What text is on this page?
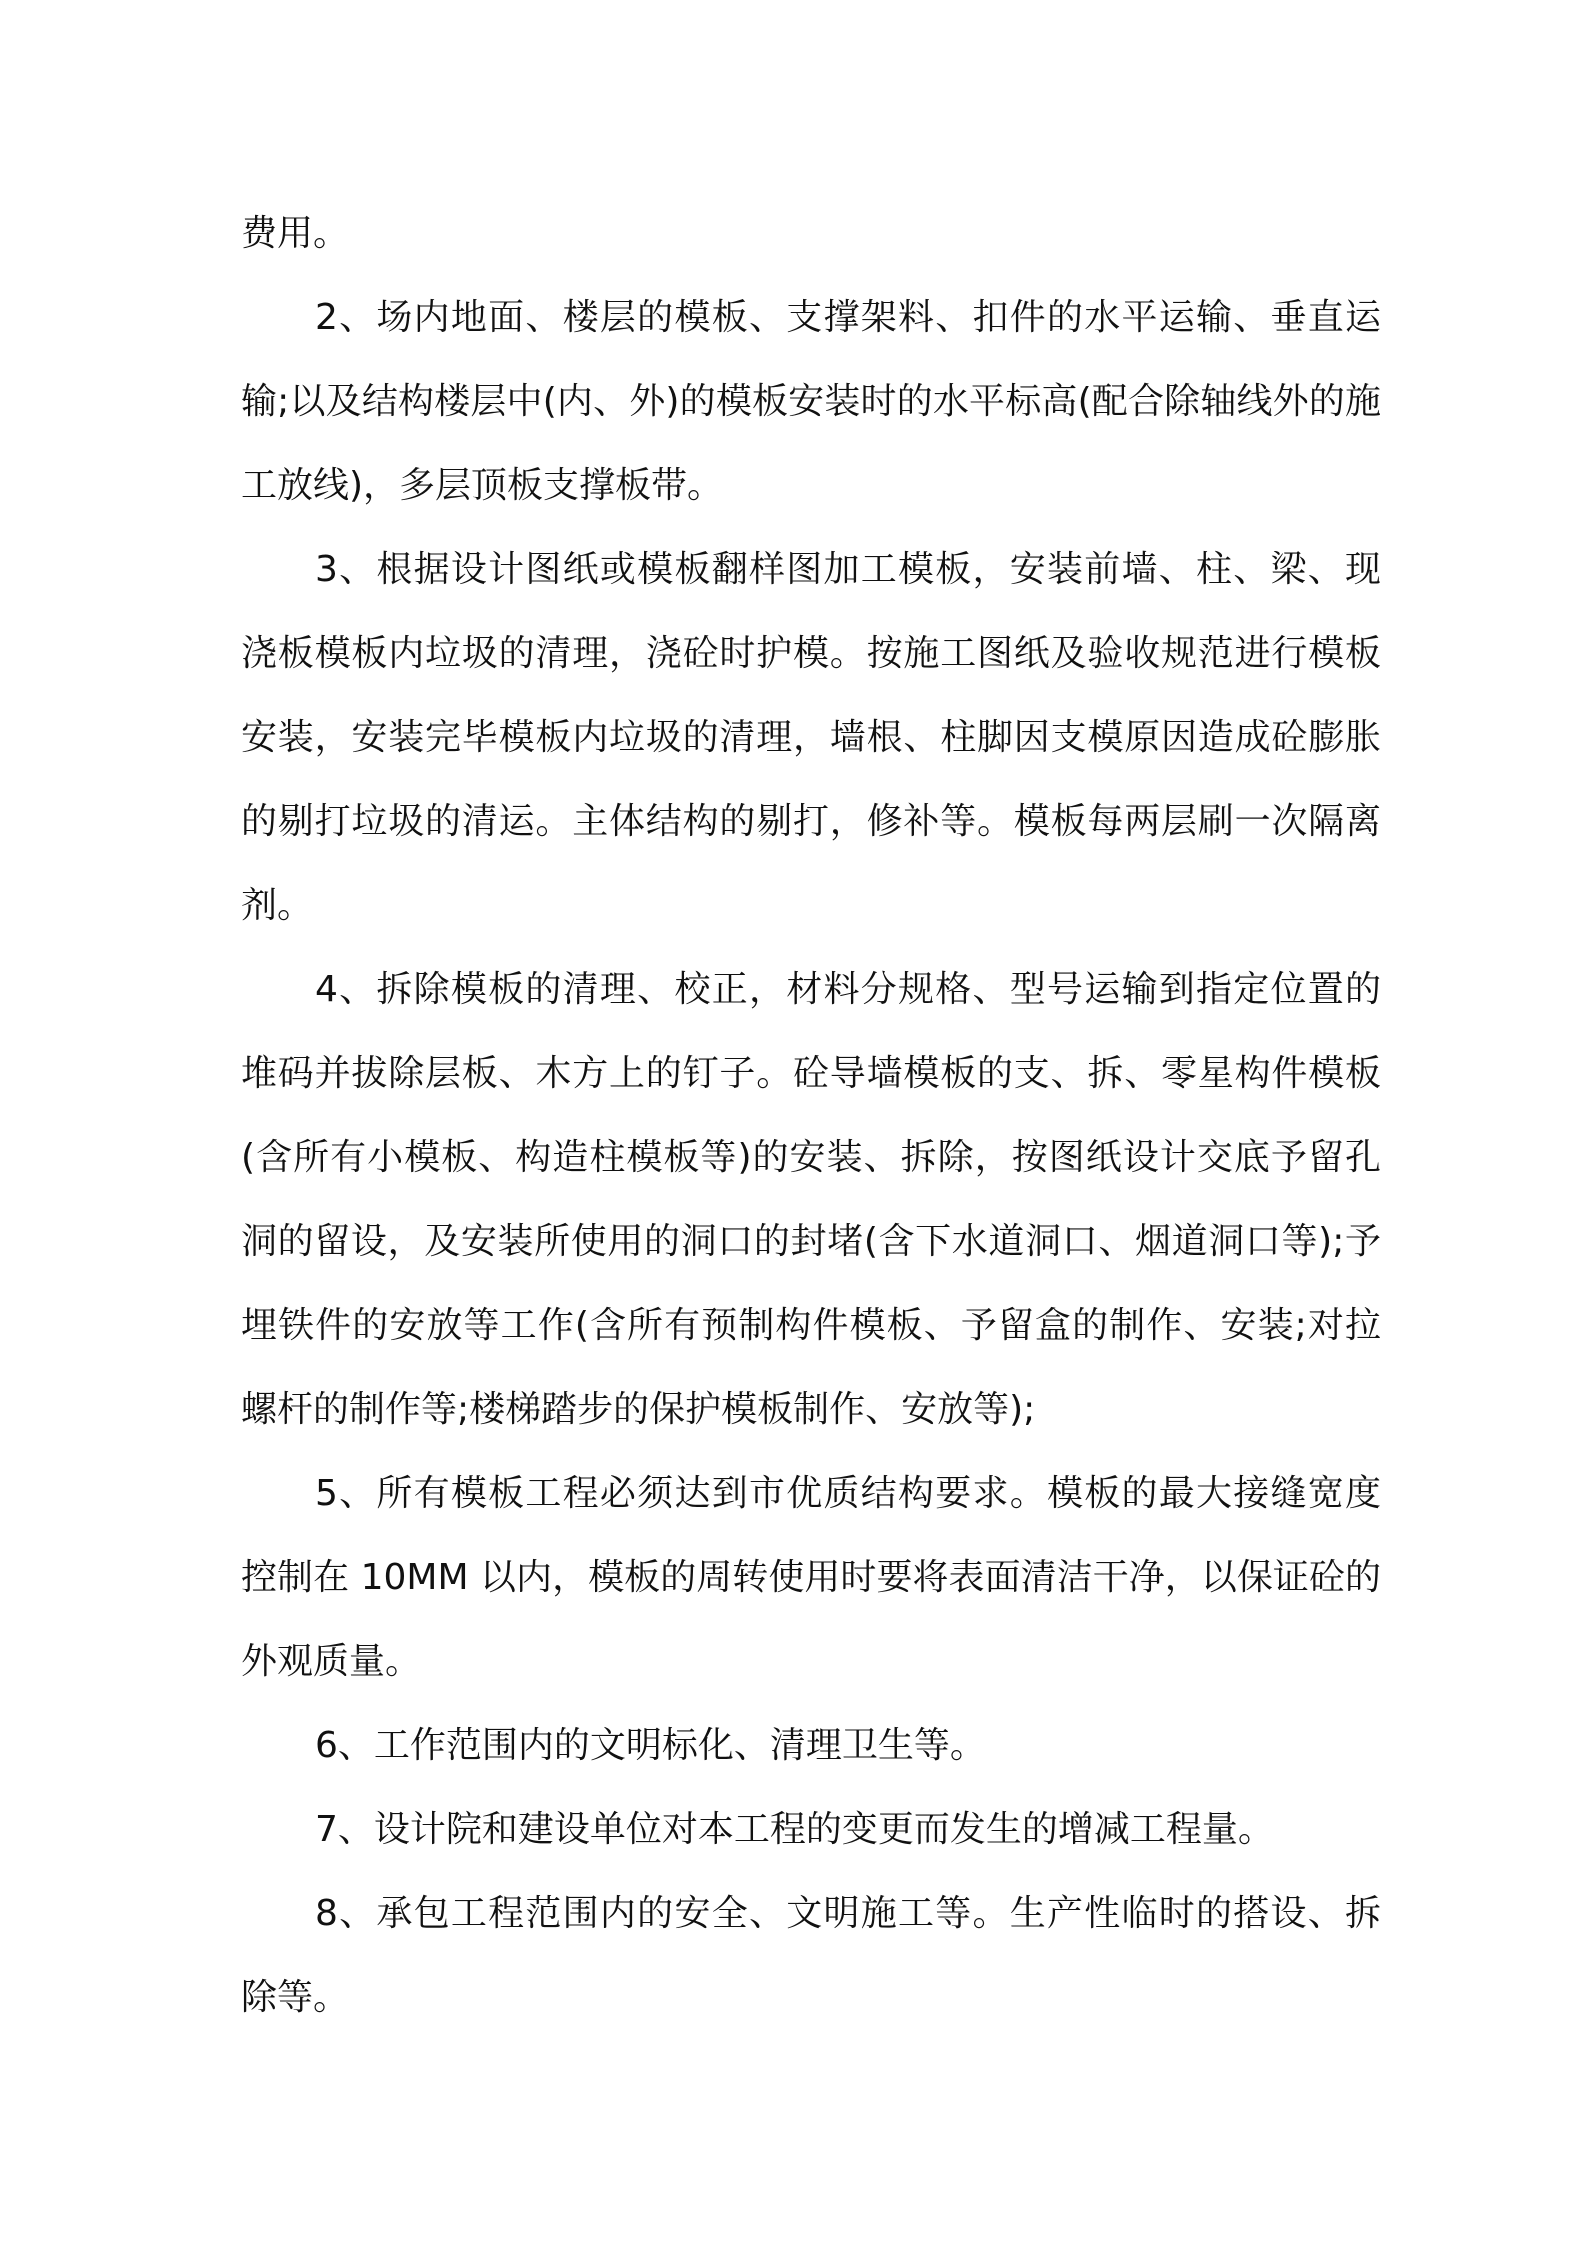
费用。

2、场内地面、楼层的模板、支撑架料、扣件的水平运输、垂直运输;以及结构楼层中(内、外)的模板安装时的水平标高(配合除轴线外的施工放线)，多层顶板支撑板带。

3、根据设计图纸或模板翻样图加工模板，安装前墙、柱、梁、现浇板模板内垃圾的清理，浇砼时护模。按施工图纸及验收规范进行模板安装，安装完毕模板内垃圾的清理，墙根、柱脚因支模原因造成砼膨胀的剔打垃圾的清运。主体结构的剔打，修补等。模板每两层刷一次隔离剂。

4、拆除模板的清理、校正，材料分规格、型号运输到指定位置的堆码并拔除层板、木方上的钉子。砼导墙模板的支、拆、零星构件模板(含所有小模板、构造柱模板等)的安装、拆除，按图纸设计交底予留孔洞的留设，及安装所使用的洞口的封堵(含下水道洞口、烟道洞口等);予埋铁件的安放等工作(含所有预制构件模板、予留盒的制作、安装;对拉螺杆的制作等;楼梯踏步的保护模板制作、安放等);

5、所有模板工程必须达到市优质结构要求。模板的最大接缝宽度控制在 10MM 以内，模板的周转使用时要将表面清洁干净，以保证砼的外观质量。

6、工作范围内的文明标化、清理卫生等。

7、设计院和建设单位对本工程的变更而发生的增减工程量。

8、承包工程范围内的安全、文明施工等。生产性临时的搭设、拆除等。
